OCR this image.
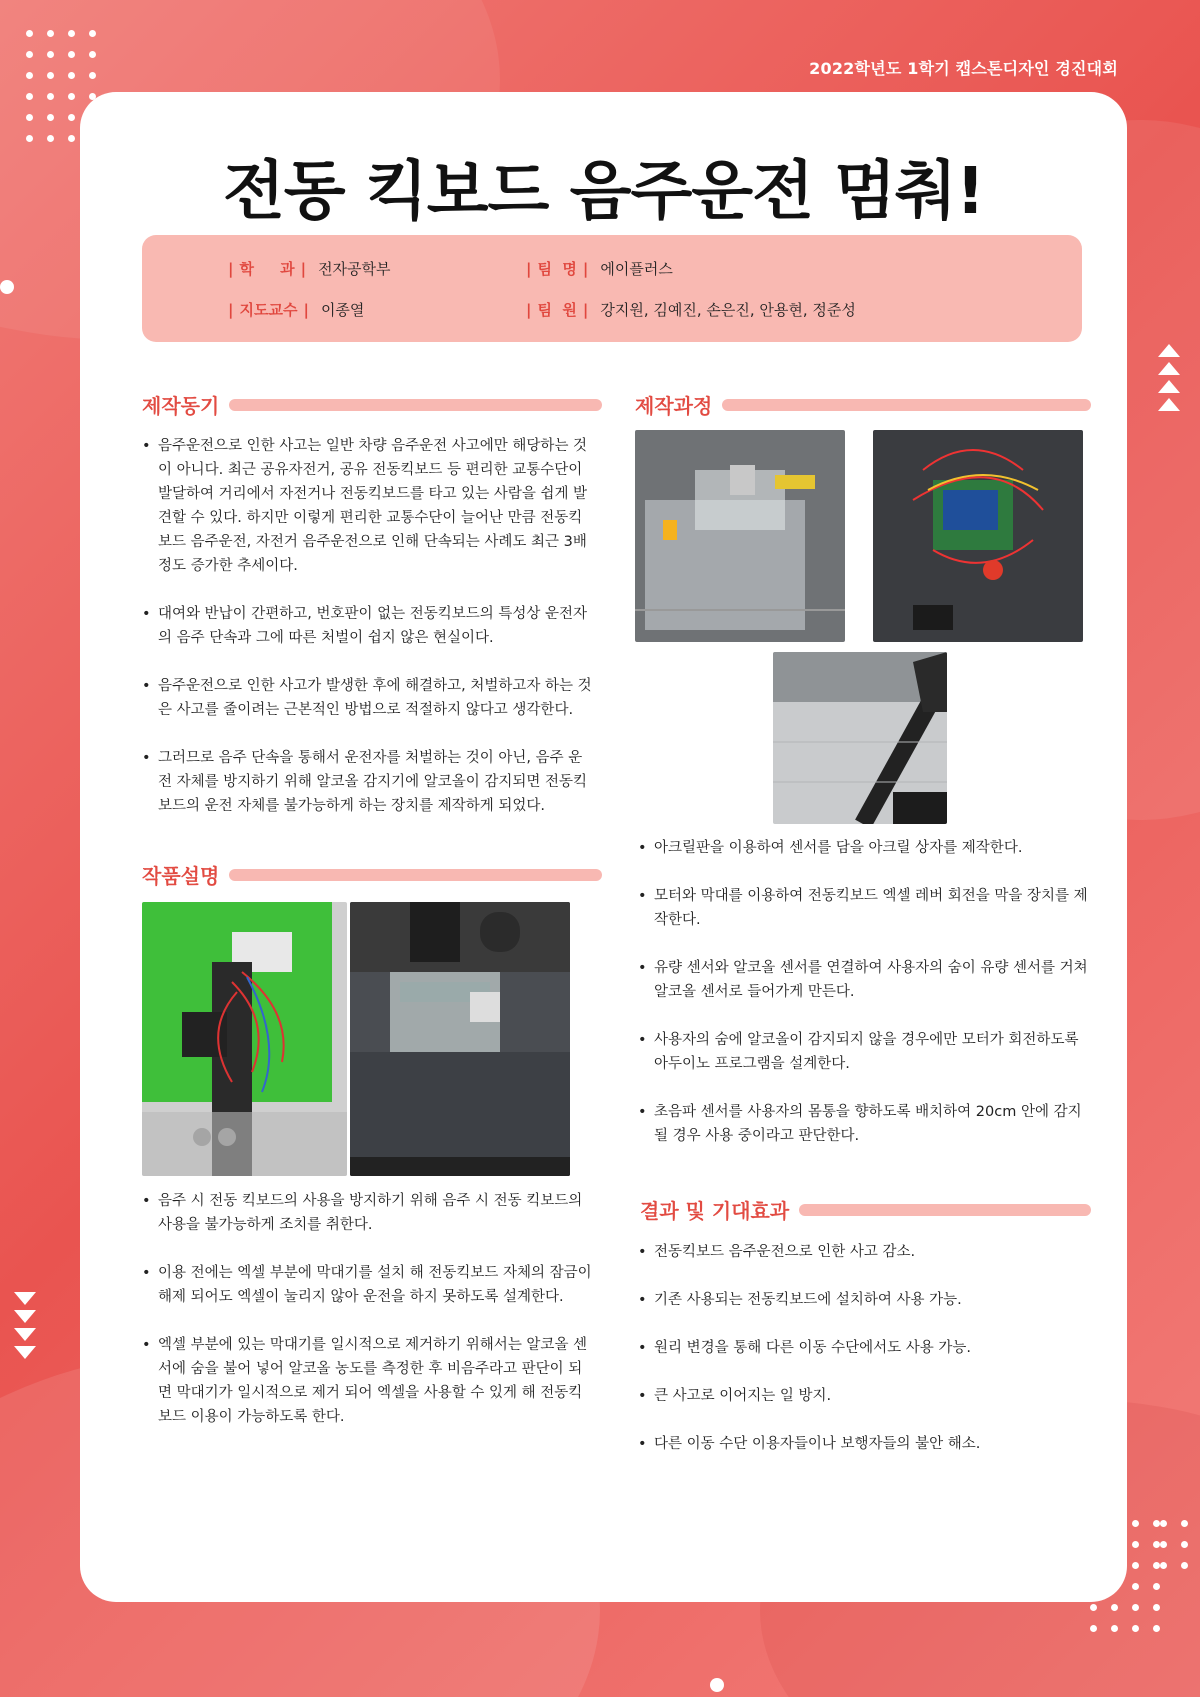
2022학년도 1학기 캡스톤디자인 경진대회
전동 킥보드 음주운전 멈춰!
| 학     과 | 전자공학부
| 지도교수 | 이종열
| 팀  명 | 에이플러스
| 팀  원 | 강지원, 김예진, 손은진, 안용현, 정준성
제작동기
• 음주운전으로 인한 사고는 일반 차량 음주운전 사고에만 해당하는 것이 아니다. 최근 공유자전거, 공유 전동킥보드 등 편리한 교통수단이 발달하여 거리에서 자전거나 전동킥보드를 타고 있는 사람을 쉽게 발견할 수 있다. 하지만 이렇게 편리한 교통수단이 늘어난 만큼 전동킥보드 음주운전, 자전거 음주운전으로 인해 단속되는 사례도 최근 3배 정도 증가한 추세이다.
• 대여와 반납이 간편하고, 번호판이 없는 전동킥보드의 특성상 운전자의 음주 단속과 그에 따른 처벌이 쉽지 않은 현실이다.
• 음주운전으로 인한 사고가 발생한 후에 해결하고, 처벌하고자 하는 것은 사고를 줄이려는 근본적인 방법으로 적절하지 않다고 생각한다.
• 그러므로 음주 단속을 통해서 운전자를 처벌하는 것이 아닌, 음주 운전 자체를 방지하기 위해 알코올 감지기에 알코올이 감지되면 전동킥보드의 운전 자체를 불가능하게 하는 장치를 제작하게 되었다.
작품설명
• 음주 시 전동 킥보드의 사용을 방지하기 위해 음주 시 전동 킥보드의 사용을 불가능하게 조치를 취한다.
• 이용 전에는 엑셀 부분에 막대기를 설치 해 전동킥보드 자체의 잠금이 해제 되어도 엑셀이 눌리지 않아 운전을 하지 못하도록 설계한다.
• 엑셀 부분에 있는 막대기를 일시적으로 제거하기 위해서는 알코올 센서에 숨을 불어 넣어 알코올 농도를 측정한 후 비음주라고 판단이 되면 막대기가 일시적으로 제거 되어 엑셀을 사용할 수 있게 해 전동킥보드 이용이 가능하도록 한다.
제작과정
• 아크릴판을 이용하여 센서를 담을 아크릴 상자를 제작한다.
• 모터와 막대를 이용하여 전동킥보드 엑셀 레버 회전을 막을 장치를 제작한다.
• 유량 센서와 알코올 센서를 연결하여 사용자의 숨이 유량 센서를 거쳐 알코올 센서로 들어가게 만든다.
• 사용자의 숨에 알코올이 감지되지 않을 경우에만 모터가 회전하도록 아두이노 프로그램을 설계한다.
• 초음파 센서를 사용자의 몸통을 향하도록 배치하여 20cm 안에 감지 될 경우 사용 중이라고 판단한다.
결과 및 기대효과
• 전동킥보드 음주운전으로 인한 사고 감소.
• 기존 사용되는 전동킥보드에 설치하여 사용 가능.
• 원리 변경을 통해 다른 이동 수단에서도 사용 가능.
• 큰 사고로 이어지는 일 방지.
• 다른 이동 수단 이용자들이나 보행자들의 불안 해소.
